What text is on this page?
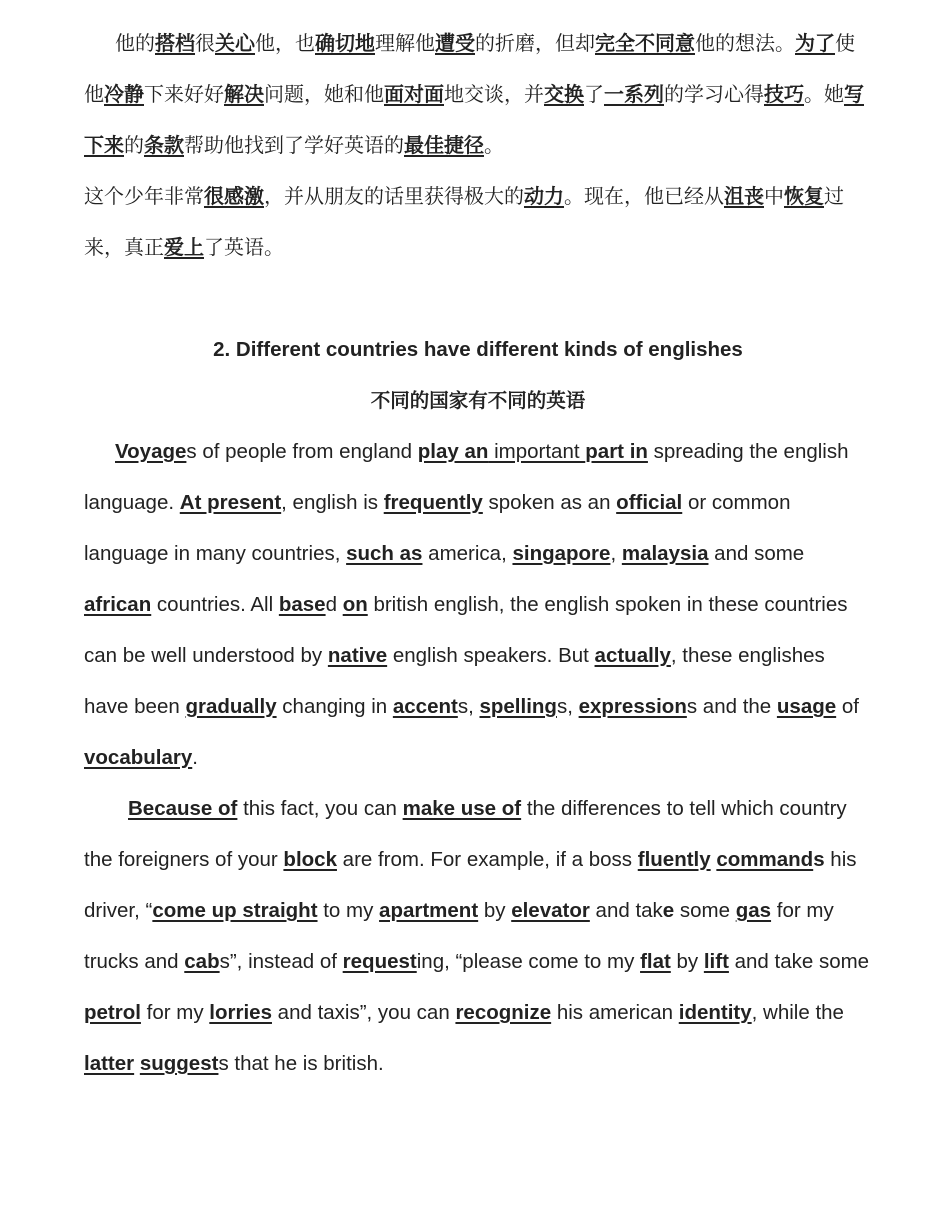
他的搭档很关心他，也确切地理解他遭受的折磨，但却完全不同意他的想法。为了使他冷静下来好好解决问题，她和他面对面地交谈，并交换了一系列的学习心得技巧。她写下来的条款帮助他找到了学好英语的最佳捷径。

这个少年非常很感激，并从朋友的话里获得极大的动力。现在，他已经从沮丧中恢复过来，真正爱上了英语。

2. Different countries have different kinds of englishes
不同的国家有不同的英语

Voyages of people from england play an important part in spreading the english language. At present, english is frequently spoken as an official or common language in many countries, such as america, singapore, malaysia and some african countries. All based on british english, the english spoken in these countries can be well understood by native english speakers. But actually, these englishes have been gradually changing in accents, spellings, expressions and the usage of vocabulary.

Because of this fact, you can make use of the differences to tell which country the foreigners of your block are from. For example, if a boss fluently commands his driver, “come up straight to my apartment by elevator and take some gas for my trucks and cabs”, instead of requesting, “please come to my flat by lift and take some petrol for my lorries and taxis”, you can recognize his american identity, while the latter suggests that he is british.
